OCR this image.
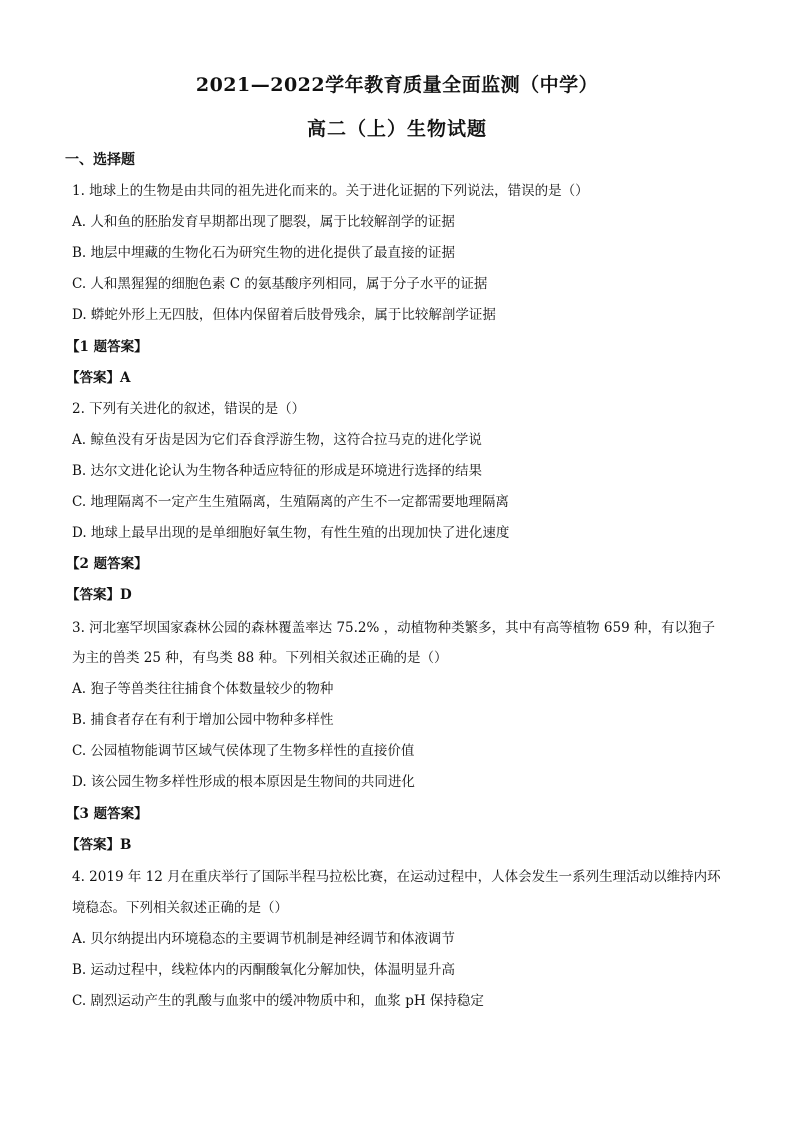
2021—2022学年教育质量全面监测（中学）
高二（上）生物试题
一、选择题
1. 地球上的生物是由共同的祖先进化而来的。关于进化证据的下列说法，错误的是（）
A. 人和鱼的胚胎发育早期都出现了腮裂，属于比较解剖学的证据
B. 地层中埋藏的生物化石为研究生物的进化提供了最直接的证据
C. 人和黑猩猩的细胞色素 C 的氨基酸序列相同，属于分子水平的证据
D. 蟒蛇外形上无四肢，但体内保留着后肢骨残余，属于比较解剖学证据
【1 题答案】
【答案】A
2. 下列有关进化的叙述，错误的是（）
A. 鲸鱼没有牙齿是因为它们吞食浮游生物，这符合拉马克的进化学说
B. 达尔文进化论认为生物各种适应特征的形成是环境进行选择的结果
C. 地理隔离不一定产生生殖隔离，生殖隔离的产生不一定都需要地理隔离
D. 地球上最早出现的是单细胞好氧生物，有性生殖的出现加快了进化速度
【2 题答案】
【答案】D
3. 河北塞罕坝国家森林公园的森林覆盖率达 75.2% ，动植物种类繁多，其中有高等植物 659 种，有以狍子
为主的兽类 25 种，有鸟类 88 种。下列相关叙述正确的是（）
A. 狍子等兽类往往捕食个体数量较少的物种
B. 捕食者存在有利于增加公园中物种多样性
C. 公园植物能调节区域气侯体现了生物多样性的直接价值
D. 该公园生物多样性形成的根本原因是生物间的共同进化
【3 题答案】
【答案】B
4. 2019 年 12 月在重庆举行了国际半程马拉松比赛，在运动过程中，人体会发生一系列生理活动以维持内环
境稳态。下列相关叙述正确的是（）
A. 贝尔纳提出内环境稳态的主要调节机制是神经调节和体液调节
B. 运动过程中，线粒体内的丙酮酸氧化分解加快，体温明显升高
C. 剧烈运动产生的乳酸与血浆中的缓冲物质中和，血浆 pH 保持稳定
